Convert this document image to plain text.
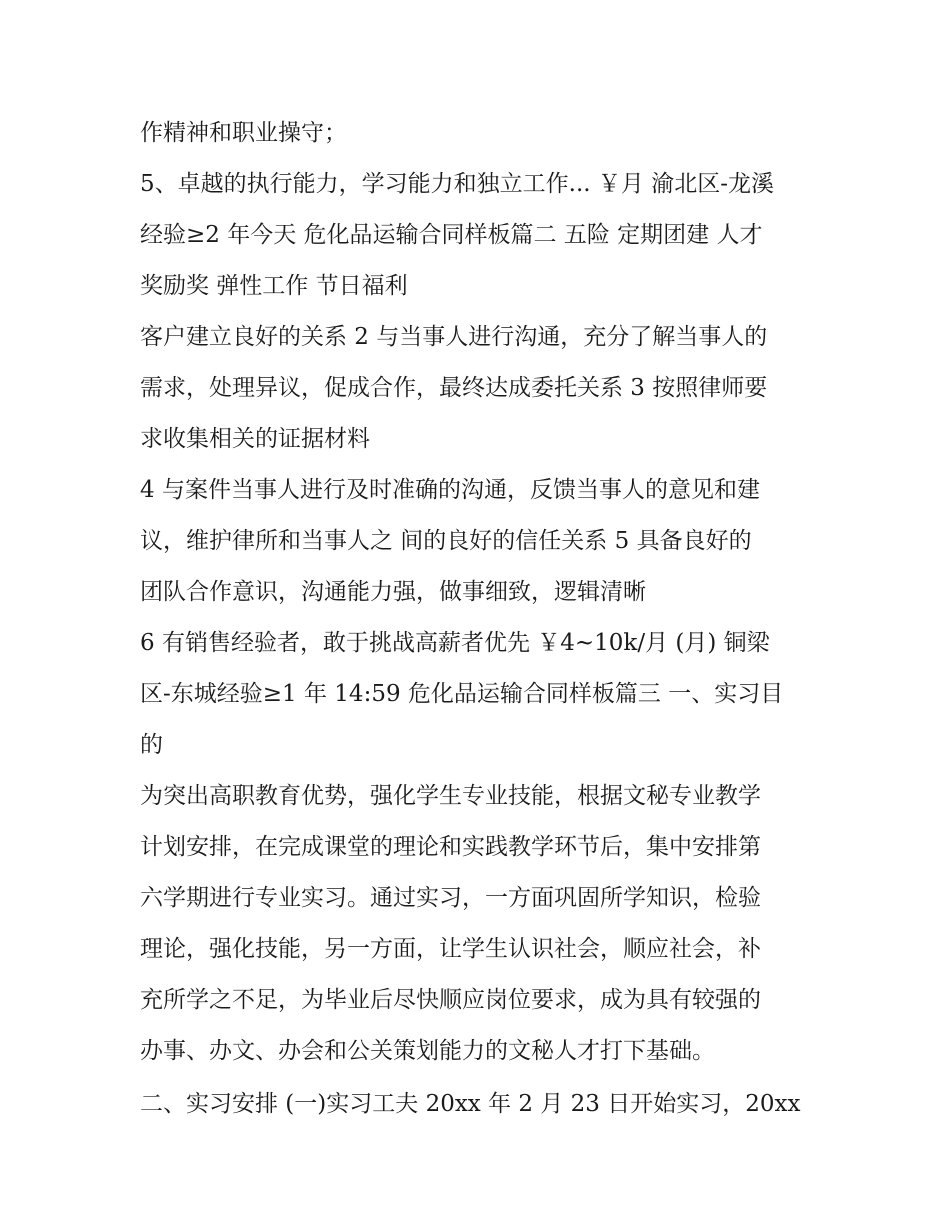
作精神和职业操守；
5、卓越的执行能力，学习能力和独立工作... ￥月 渝北区-龙溪
经验≥2 年今天 危化品运输合同样板篇二 五险 定期团建 人才
奖励奖 弹性工作 节日福利
客户建立良好的关系 2 与当事人进行沟通，充分了解当事人的
需求，处理异议，促成合作，最终达成委托关系 3 按照律师要
求收集相关的证据材料
4 与案件当事人进行及时准确的沟通，反馈当事人的意见和建
议，维护律所和当事人之 间的良好的信任关系 5 具备良好的
团队合作意识，沟通能力强，做事细致，逻辑清晰
6 有销售经验者，敢于挑战高薪者优先 ￥4~10k/月 (月) 铜梁
区-东城经验≥1 年 14:59 危化品运输合同样板篇三 一、实习目
的
为突出高职教育优势，强化学生专业技能，根据文秘专业教学
计划安排，在完成课堂的理论和实践教学环节后，集中安排第
六学期进行专业实习。通过实习，一方面巩固所学知识，检验
理论，强化技能，另一方面，让学生认识社会，顺应社会，补
充所学之不足，为毕业后尽快顺应岗位要求，成为具有较强的
办事、办文、办会和公关策划能力的文秘人才打下基础。
二、实习安排 (一)实习工夫 20xx 年 2 月 23 日开始实习，20xx
